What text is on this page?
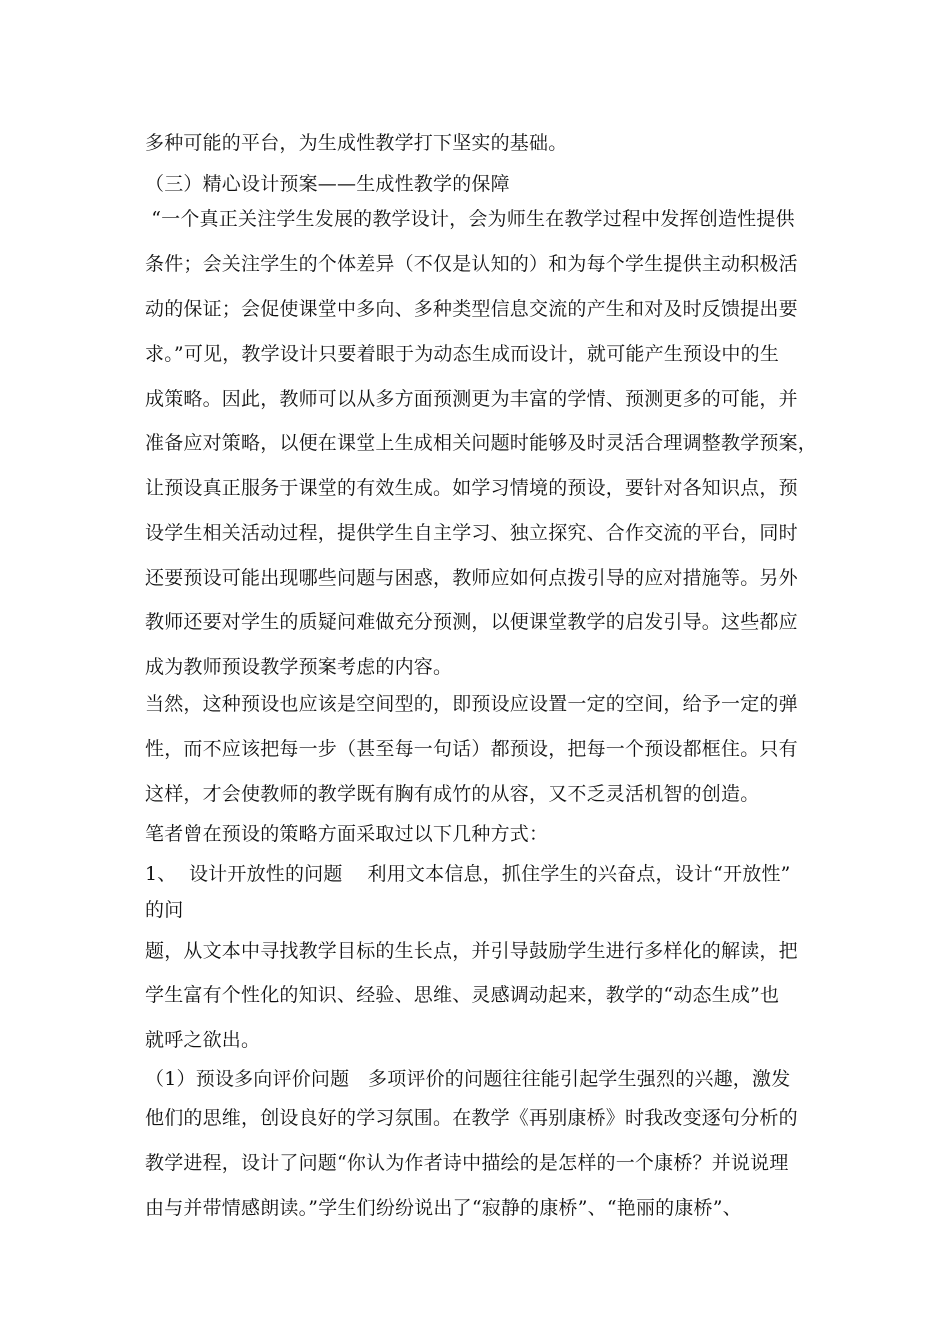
多种可能的平台，为生成性教学打下坚实的基础。
（三）精心设计预案——生成性教学的保障
“一个真正关注学生发展的教学设计，会为师生在教学过程中发挥创造性提供
条件；会关注学生的个体差异（不仅是认知的）和为每个学生提供主动积极活
动的保证；会促使课堂中多向、多种类型信息交流的产生和对及时反馈提出要
求。”可见，教学设计只要着眼于为动态生成而设计，就可能产生预设中的生
成策略。因此，教师可以从多方面预测更为丰富的学情、预测更多的可能，并
准备应对策略，以便在课堂上生成相关问题时能够及时灵活合理调整教学预案，
让预设真正服务于课堂的有效生成。如学习情境的预设，要针对各知识点，预
设学生相关活动过程，提供学生自主学习、独立探究、合作交流的平台，同时
还要预设可能出现哪些问题与困惑，教师应如何点拨引导的应对措施等。另外
教师还要对学生的质疑问难做充分预测，以便课堂教学的启发引导。这些都应
成为教师预设教学预案考虑的内容。
当然，这种预设也应该是空间型的，即预设应设置一定的空间，给予一定的弹
性，而不应该把每一步（甚至每一句话）都预设，把每一个预设都框住。只有
这样，才会使教师的教学既有胸有成竹的从容，又不乏灵活机智的创造。
笔者曾在预设的策略方面采取过以下几种方式：
1、  设计开放性的问题    利用文本信息，抓住学生的兴奋点，设计“开放性”
的问
题，从文本中寻找教学目标的生长点，并引导鼓励学生进行多样化的解读，把
学生富有个性化的知识、经验、思维、灵感调动起来，教学的“动态生成”也
就呼之欲出。
（1）预设多向评价问题   多项评价的问题往往能引起学生强烈的兴趣，激发
他们的思维，创设良好的学习氛围。在教学《再别康桥》时我改变逐句分析的
教学进程，设计了问题“你认为作者诗中描绘的是怎样的一个康桥？并说说理
由与并带情感朗读。”学生们纷纷说出了“寂静的康桥”、“艳丽的康桥”、
